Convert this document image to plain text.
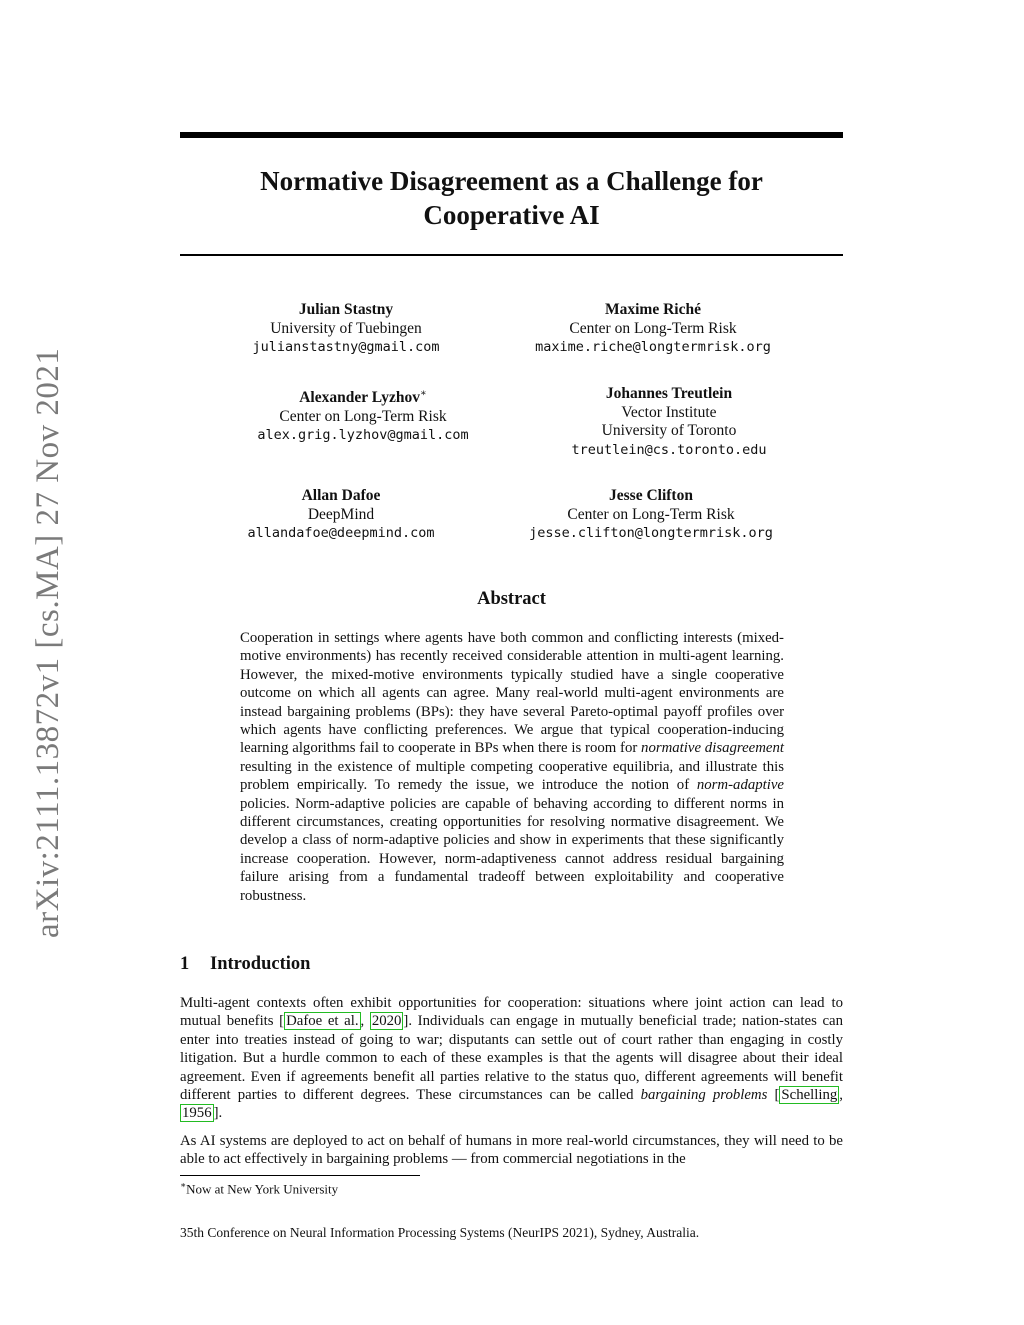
arXiv:2111.13872v1 [cs.MA] 27 Nov 2021
Normative Disagreement as a Challenge for
Cooperative AI
Julian Stastny
University of Tuebingen
julianstastny@gmail.com
Maxime Riché
Center on Long-Term Risk
maxime.riche@longtermrisk.org
Alexander Lyzhov∗
Center on Long-Term Risk
alex.grig.lyzhov@gmail.com
Johannes Treutlein
Vector Institute
University of Toronto
treutlein@cs.toronto.edu
Allan Dafoe
DeepMind
allandafoe@deepmind.com
Jesse Clifton
Center on Long-Term Risk
jesse.clifton@longtermrisk.org
Abstract

Cooperation in settings where agents have both common and conflicting interests (mixed-motive environments) has recently received considerable attention in multi-agent learning. However, the mixed-motive environments typically studied have a single cooperative outcome on which all agents can agree. Many real-world multi-agent environments are instead bargaining problems (BPs): they have several Pareto-optimal payoff profiles over which agents have conflicting preferences. We argue that typical cooperation-inducing learning algorithms fail to cooperate in BPs when there is room for normative disagreement resulting in the existence of multiple competing cooperative equilibria, and illustrate this problem empirically. To remedy the issue, we introduce the notion of norm-adaptive policies. Norm-adaptive policies are capable of behaving according to different norms in different circumstances, creating opportunities for resolving normative disagreement. We develop a class of norm-adaptive policies and show in experiments that these significantly increase cooperation. However, norm-adaptiveness cannot address residual bargaining failure arising from a fundamental tradeoff between exploitability and cooperative robustness.

1 Introduction

Multi-agent contexts often exhibit opportunities for cooperation: situations where joint action can lead to mutual benefits [ Dafoe et al. , 2020 ]. Individuals can engage in mutually beneficial trade; nation-states can enter into treaties instead of going to war; disputants can settle out of court rather than engaging in costly litigation. But a hurdle common to each of these examples is that the agents will disagree about their ideal agreement. Even if agreements benefit all parties relative to the status quo, different agreements will benefit different parties to different degrees. These circumstances can be called bargaining problems [ Schelling , 1956 ].

As AI systems are deployed to act on behalf of humans in more real-world circumstances, they will need to be able to act effectively in bargaining problems — from commercial negotiations in the

∗Now at New York University

35th Conference on Neural Information Processing Systems (NeurIPS 2021), Sydney, Australia.
